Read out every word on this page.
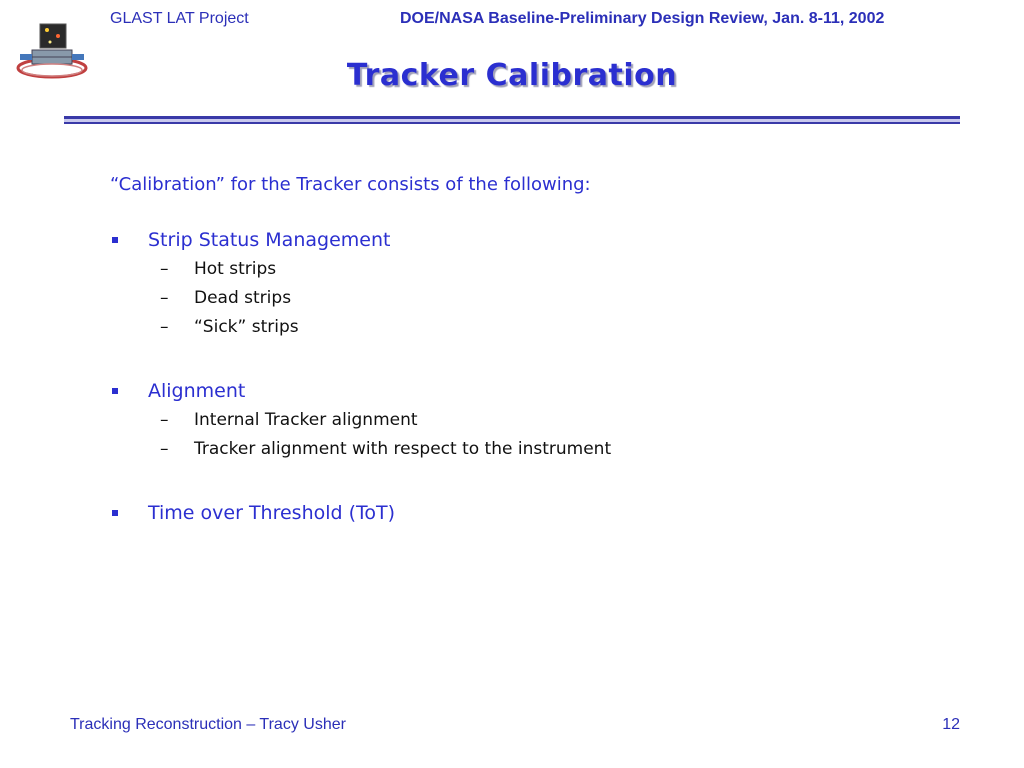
GLAST LAT Project	DOE/NASA Baseline-Preliminary Design Review, Jan. 8-11, 2002
Tracker Calibration
“Calibration” for the Tracker consists of the following:
Strip Status Management
– Hot strips
– Dead strips
– “Sick” strips
Alignment
– Internal Tracker alignment
– Tracker alignment with respect to the instrument
Time over Threshold (ToT)
Tracking Reconstruction – Tracy Usher	12
